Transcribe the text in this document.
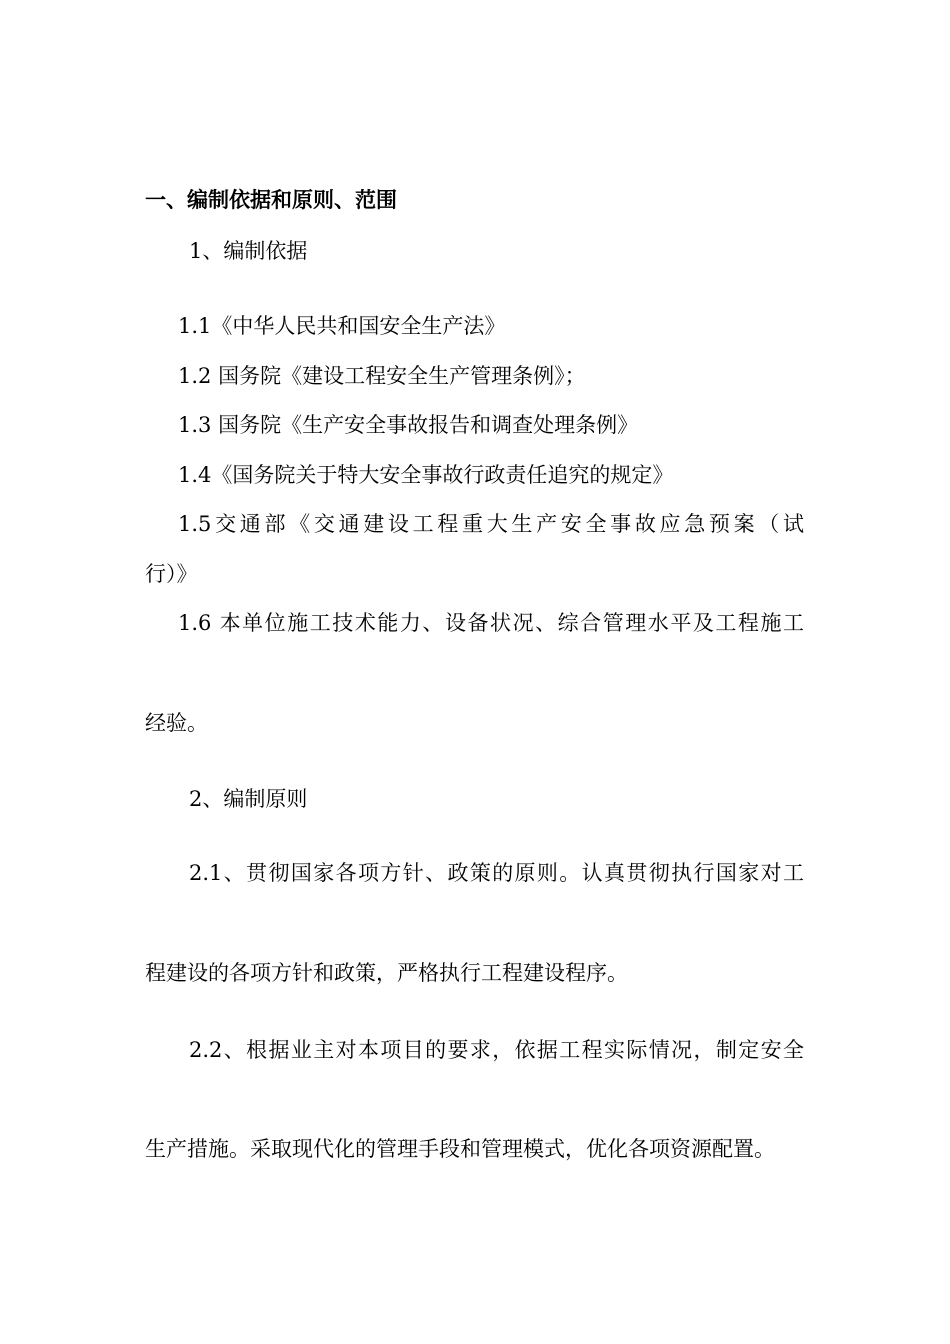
一、编制依据和原则、范围
1、编制依据
1.1《中华人民共和国安全生产法》
1.2 国务院《建设工程安全生产管理条例》；
1.3 国务院《生产安全事故报告和调查处理条例》
1.4《国务院关于特大安全事故行政责任追究的规定》
1.5交通部《交通建设工程重大生产安全事故应急预案（试
行）》
1.6 本单位施工技术能力、设备状况、综合管理水平及工程施工
经验。
2、编制原则
2.1、贯彻国家各项方针、政策的原则。认真贯彻执行国家对工
程建设的各项方针和政策，严格执行工程建设程序。
2.2、根据业主对本项目的要求，依据工程实际情况，制定安全
生产措施。采取现代化的管理手段和管理模式，优化各项资源配置。
